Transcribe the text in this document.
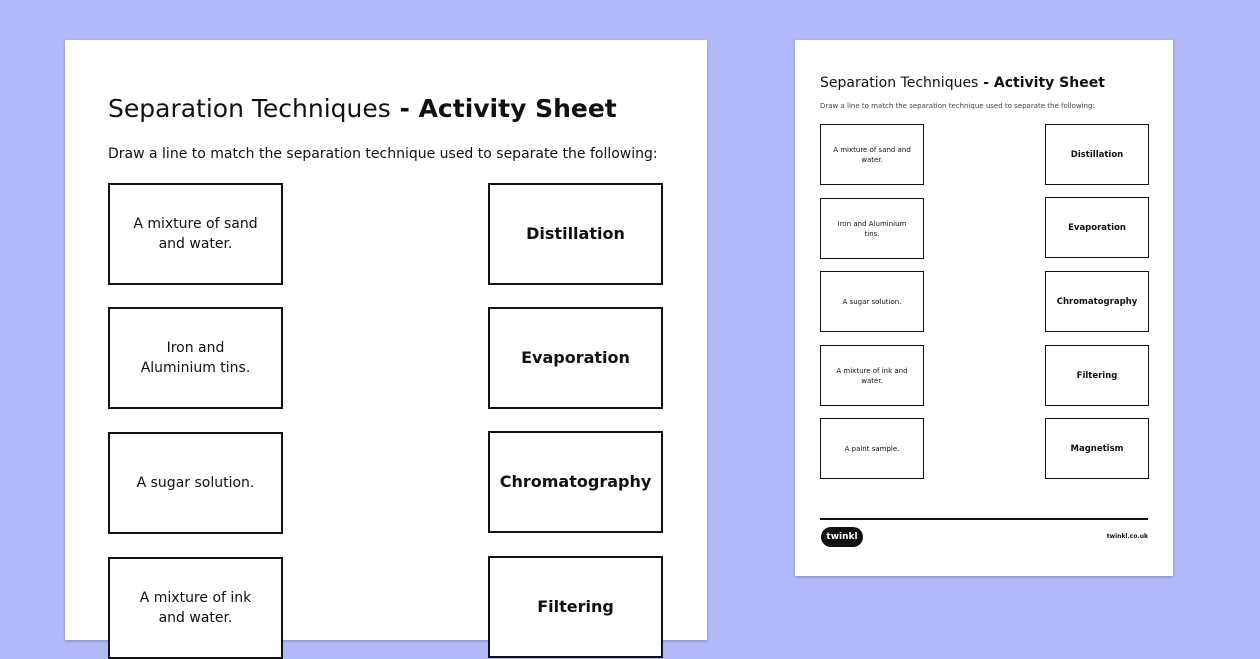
Separation Techniques - Activity Sheet
Draw a line to match the separation technique used to separate the following:
A mixture of sand and water.
Iron and Aluminium tins.
A sugar solution.
A mixture of ink and water.
Distillation
Evaporation
Chromatography
Filtering
Separation Techniques - Activity Sheet
Draw a line to match the separation technique used to separate the following:
A mixture of sand and water.
Iron and Aluminium tins.
A sugar solution.
A mixture of ink and water.
A paint sample.
Distillation
Evaporation
Chromatography
Filtering
Magnetism
twinkl	twinkl.co.uk
